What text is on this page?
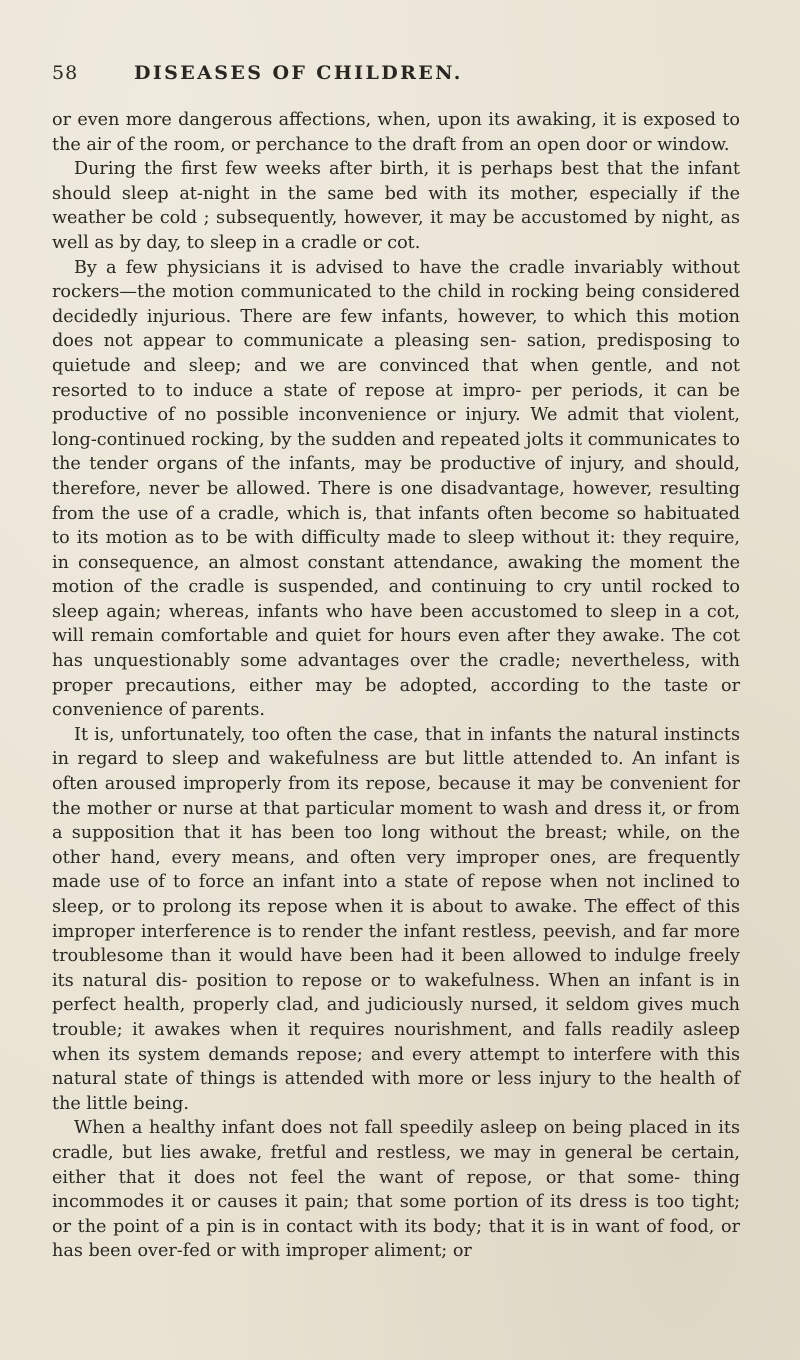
58	DISEASES OF CHILDREN.

or even more dangerous affections, when, upon its awaking, it is exposed to the air of the room, or perchance to the draft from an open door or window.

During the first few weeks after birth, it is perhaps best that the infant should sleep at-night in the same bed with its mother, especially if the weather be cold ; subsequently, however, it may be accustomed by night, as well as by day, to sleep in a cradle or cot.

By a few physicians it is advised to have the cradle invariably without rockers—the motion communicated to the child in rocking being considered decidedly injurious. There are few infants, however, to which this motion does not appear to communicate a pleasing sen- sation, predisposing to quietude and sleep; and we are convinced that when gentle, and not resorted to to induce a state of repose at impro- per periods, it can be productive of no possible inconvenience or injury. We admit that violent, long-continued rocking, by the sudden and repeated jolts it communicates to the tender organs of the infants, may be productive of injury, and should, therefore, never be allowed. There is one disadvantage, however, resulting from the use of a cradle, which is, that infants often become so habituated to its motion as to be with difficulty made to sleep without it: they require, in consequence, an almost constant attendance, awaking the moment the motion of the cradle is suspended, and continuing to cry until rocked to sleep again; whereas, infants who have been accustomed to sleep in a cot, will remain comfortable and quiet for hours even after they awake. The cot has unquestionably some advantages over the cradle; nevertheless, with proper precautions, either may be adopted, according to the taste or convenience of parents.

It is, unfortunately, too often the case, that in infants the natural instincts in regard to sleep and wakefulness are but little attended to. An infant is often aroused improperly from its repose, because it may be convenient for the mother or nurse at that particular moment to wash and dress it, or from a supposition that it has been too long without the breast; while, on the other hand, every means, and often very improper ones, are frequently made use of to force an infant into a state of repose when not inclined to sleep, or to prolong its repose when it is about to awake. The effect of this improper interference is to render the infant restless, peevish, and far more troublesome than it would have been had it been allowed to indulge freely its natural dis- position to repose or to wakefulness. When an infant is in perfect health, properly clad, and judiciously nursed, it seldom gives much trouble; it awakes when it requires nourishment, and falls readily asleep when its system demands repose; and every attempt to interfere with this natural state of things is attended with more or less injury to the health of the little being.

When a healthy infant does not fall speedily asleep on being placed in its cradle, but lies awake, fretful and restless, we may in general be certain, either that it does not feel the want of repose, or that some- thing incommodes it or causes it pain; that some portion of its dress is too tight; or the point of a pin is in contact with its body; that it is in want of food, or has been over-fed or with improper aliment; or
